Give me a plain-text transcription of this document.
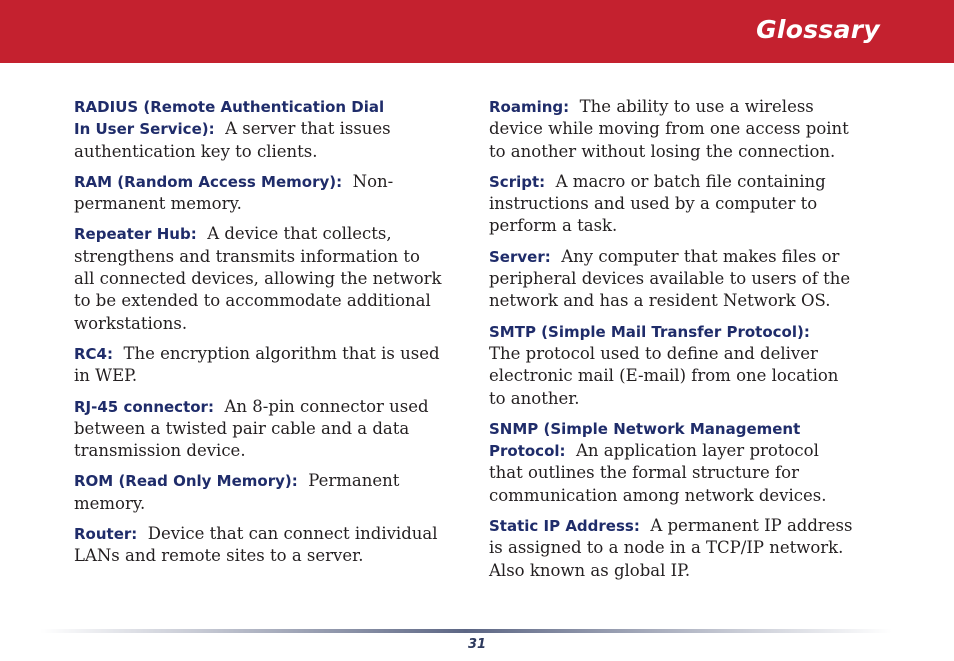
Glossary

RADIUS (Remote Authentication Dial
In User Service): A server that issues
authentication key to clients.

RAM (Random Access Memory): Non-
permanent memory.

Repeater Hub: A device that collects,
strengthens and transmits information to
all connected devices, allowing the network
to be extended to accommodate additional
workstations.

RC4: The encryption algorithm that is used
in WEP.

RJ-45 connector: An 8-pin connector used
between a twisted pair cable and a data
transmission device.

ROM (Read Only Memory): Permanent
memory.

Router: Device that can connect individual
LANs and remote sites to a server.

Roaming: The ability to use a wireless
device while moving from one access point
to another without losing the connection.

Script: A macro or batch file containing
instructions and used by a computer to
perform a task.

Server: Any computer that makes files or
peripheral devices available to users of the
network and has a resident Network OS.

SMTP (Simple Mail Transfer Protocol):
The protocol used to define and deliver
electronic mail (E-mail) from one location
to another.

SNMP (Simple Network Management
Protocol: An application layer protocol
that outlines the formal structure for
communication among network devices.

Static IP Address: A permanent IP address
is assigned to a node in a TCP/IP network.
Also known as global IP.

31
